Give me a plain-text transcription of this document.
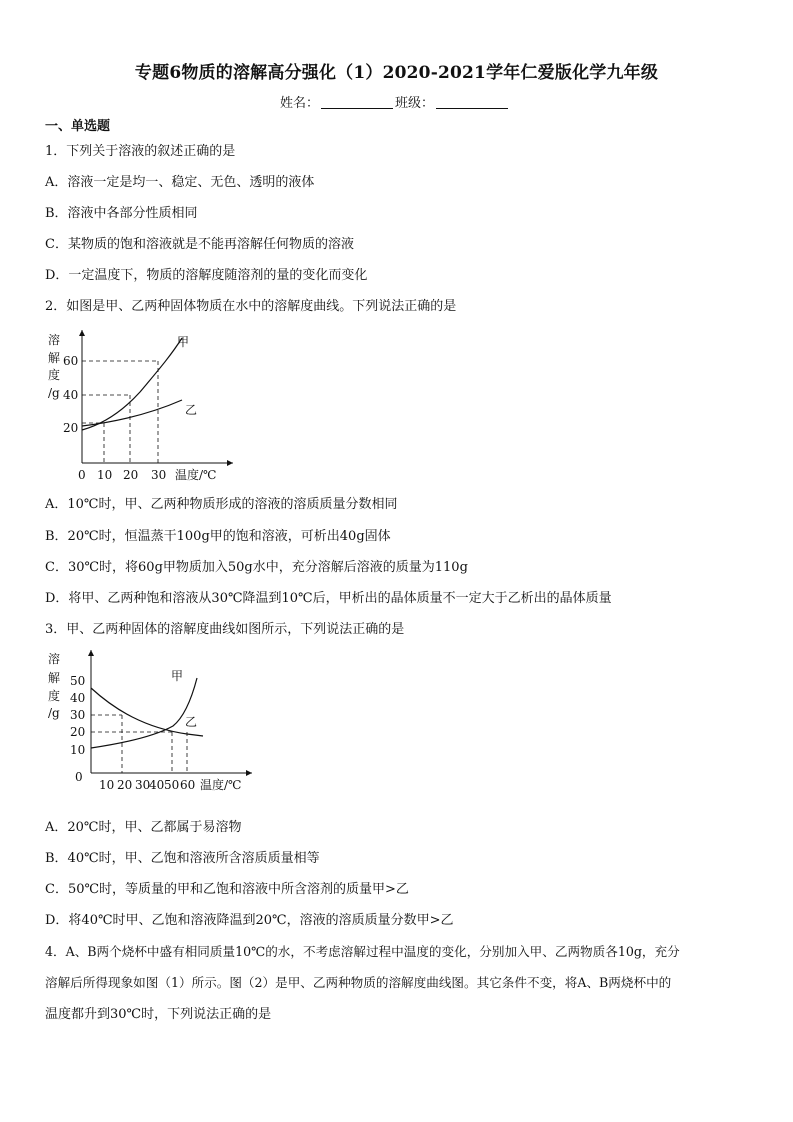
专题6物质的溶解高分强化（1）2020-2021学年仁爱版化学九年级
姓名：	班级：
一、单选题
1．下列关于溶液的叙述正确的是
A．溶液一定是均一、稳定、无色、透明的液体
B．溶液中各部分性质相同
C．某物质的饱和溶液就是不能再溶解任何物质的溶液
D．一定温度下，物质的溶解度随溶剂的量的变化而变化
2．如图是甲、乙两种固体物质在水中的溶解度曲线。下列说法正确的是
溶
解
度
/g
60
40
20
0 10 20 30 温度/℃
甲
乙
A．10℃时，甲、乙两种物质形成的溶液的溶质质量分数相同
B．20℃时，恒温蒸干100g甲的饱和溶液，可析出40g固体
C．30℃时，将60g甲物质加入50g水中，充分溶解后溶液的质量为110g
D．将甲、乙两种饱和溶液从30℃降温到10℃后，甲析出的晶体质量不一定大于乙析出的晶体质量
3．甲、乙两种固体的溶解度曲线如图所示，下列说法正确的是
溶
解
度
/g
50
40
30
20
10
0
10 20 30
40 50 60 温度/℃
甲
乙
A．20℃时，甲、乙都属于易溶物
B．40℃时，甲、乙饱和溶液所含溶质质量相等
C．50℃时，等质量的甲和乙饱和溶液中所含溶剂的质量甲>乙
D．将40℃时甲、乙饱和溶液降温到20℃，溶液的溶质质量分数甲>乙
4．A、B两个烧杯中盛有相同质量10℃的水，不考虑溶解过程中温度的变化，分别加入甲、乙两物质各10g，充分
溶解后所得现象如图（1）所示。图（2）是甲、乙两种物质的溶解度曲线图。其它条件不变，将A、B两烧杯中的
温度都升到30℃时，下列说法正确的是
